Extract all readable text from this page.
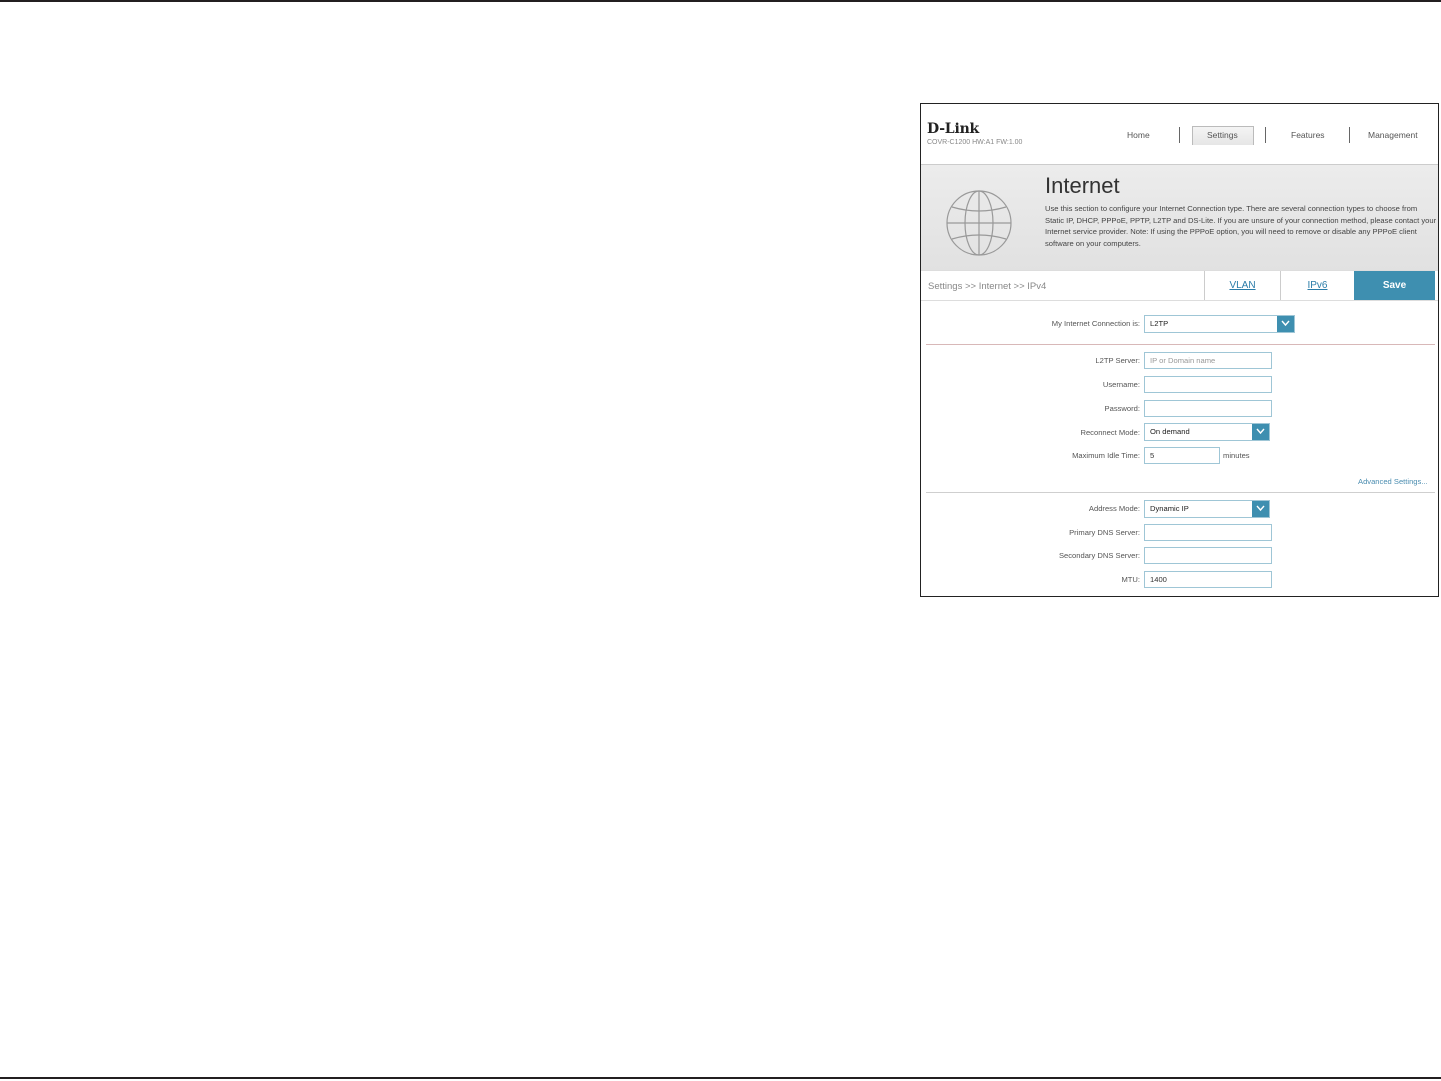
D-Link
COVR-C1200 HW:A1 FW:1.00
Home	Settings	Features	Management
Internet
Use this section to configure your Internet Connection type. There are several connection types to choose from Static IP, DHCP, PPPoE, PPTP, L2TP and DS-Lite. If you are unsure of your connection method, please contact your Internet service provider. Note: If using the PPPoE option, you will need to remove or disable any PPPoE client software on your computers.
Settings >> Internet >> IPv4	VLAN	IPv6	Save
My Internet Connection is:	L2TP
L2TP Server:	IP or Domain name
Username:
Password:
Reconnect Mode:	On demand
Maximum Idle Time:	5	minutes
Advanced Settings...
Address Mode:	Dynamic IP
Primary DNS Server:
Secondary DNS Server:
MTU:	1400
